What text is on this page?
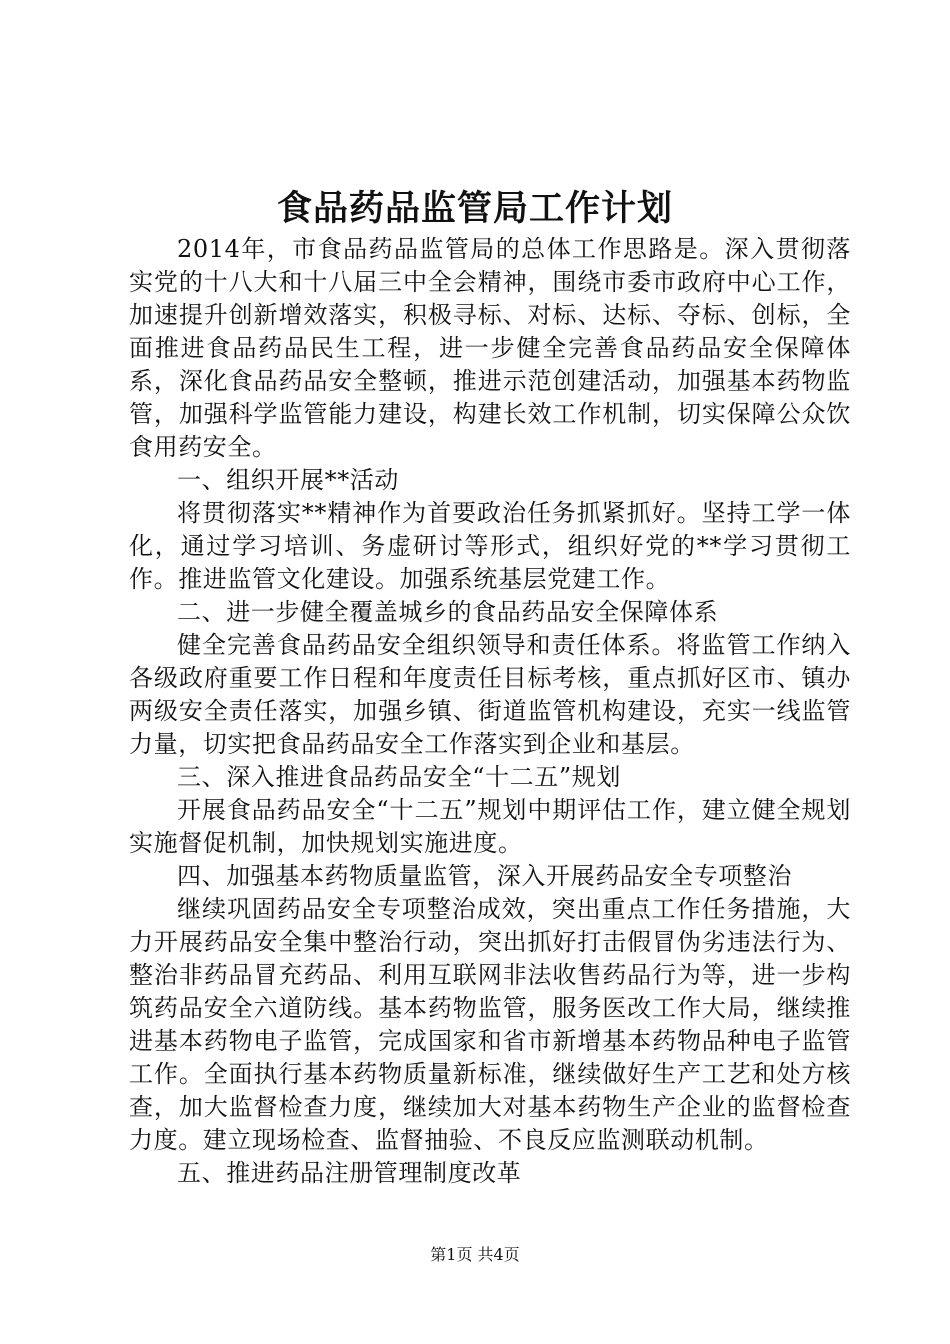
食品药品监管局工作计划

2014年，市食品药品监管局的总体工作思路是。深入贯彻落实党的十八大和十八届三中全会精神，围绕市委市政府中心工作，加速提升创新增效落实，积极寻标、对标、达标、夺标、创标，全面推进食品药品民生工程，进一步健全完善食品药品安全保障体系，深化食品药品安全整顿，推进示范创建活动，加强基本药物监管，加强科学监管能力建设，构建长效工作机制，切实保障公众饮食用药安全。

一、组织开展**活动

将贯彻落实**精神作为首要政治任务抓紧抓好。坚持工学一体化，通过学习培训、务虚研讨等形式，组织好党的**学习贯彻工作。推进监管文化建设。加强系统基层党建工作。

二、进一步健全覆盖城乡的食品药品安全保障体系

健全完善食品药品安全组织领导和责任体系。将监管工作纳入各级政府重要工作日程和年度责任目标考核，重点抓好区市、镇办两级安全责任落实，加强乡镇、街道监管机构建设，充实一线监管力量，切实把食品药品安全工作落实到企业和基层。

三、深入推进食品药品安全“十二五”规划

开展食品药品安全“十二五”规划中期评估工作，建立健全规划实施督促机制，加快规划实施进度。

四、加强基本药物质量监管，深入开展药品安全专项整治

继续巩固药品安全专项整治成效，突出重点工作任务措施，大力开展药品安全集中整治行动，突出抓好打击假冒伪劣违法行为、整治非药品冒充药品、利用互联网非法收售药品行为等，进一步构筑药品安全六道防线。基本药物监管，服务医改工作大局，继续推进基本药物电子监管，完成国家和省市新增基本药物品种电子监管工作。全面执行基本药物质量新标准，继续做好生产工艺和处方核查，加大监督检查力度，继续加大对基本药物生产企业的监督检查力度。建立现场检查、监督抽验、不良反应监测联动机制。

五、推进药品注册管理制度改革

第1页 共4页
